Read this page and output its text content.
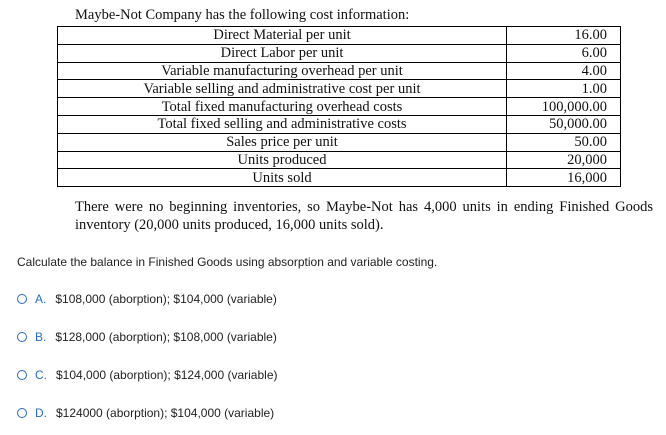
Maybe-Not Company has the following cost information:
Direct Material per unit	16.00
Direct Labor per unit	6.00
Variable manufacturing overhead per unit	4.00
Variable selling and administrative cost per unit	1.00
Total fixed manufacturing overhead costs	100,000.00
Total fixed selling and administrative costs	50,000.00
Sales price per unit	50.00
Units produced	20,000
Units sold	16,000
There were no beginning inventories, so Maybe-Not has 4,000 units in ending Finished Goods inventory (20,000 units produced, 16,000 units sold).
Calculate the balance in Finished Goods using absorption and variable costing.
A. $108,000 (aborption); $104,000 (variable)
B. $128,000 (aborption); $108,000 (variable)
C. $104,000 (aborption); $124,000 (variable)
D. $124000 (aborption); $104,000 (variable)
